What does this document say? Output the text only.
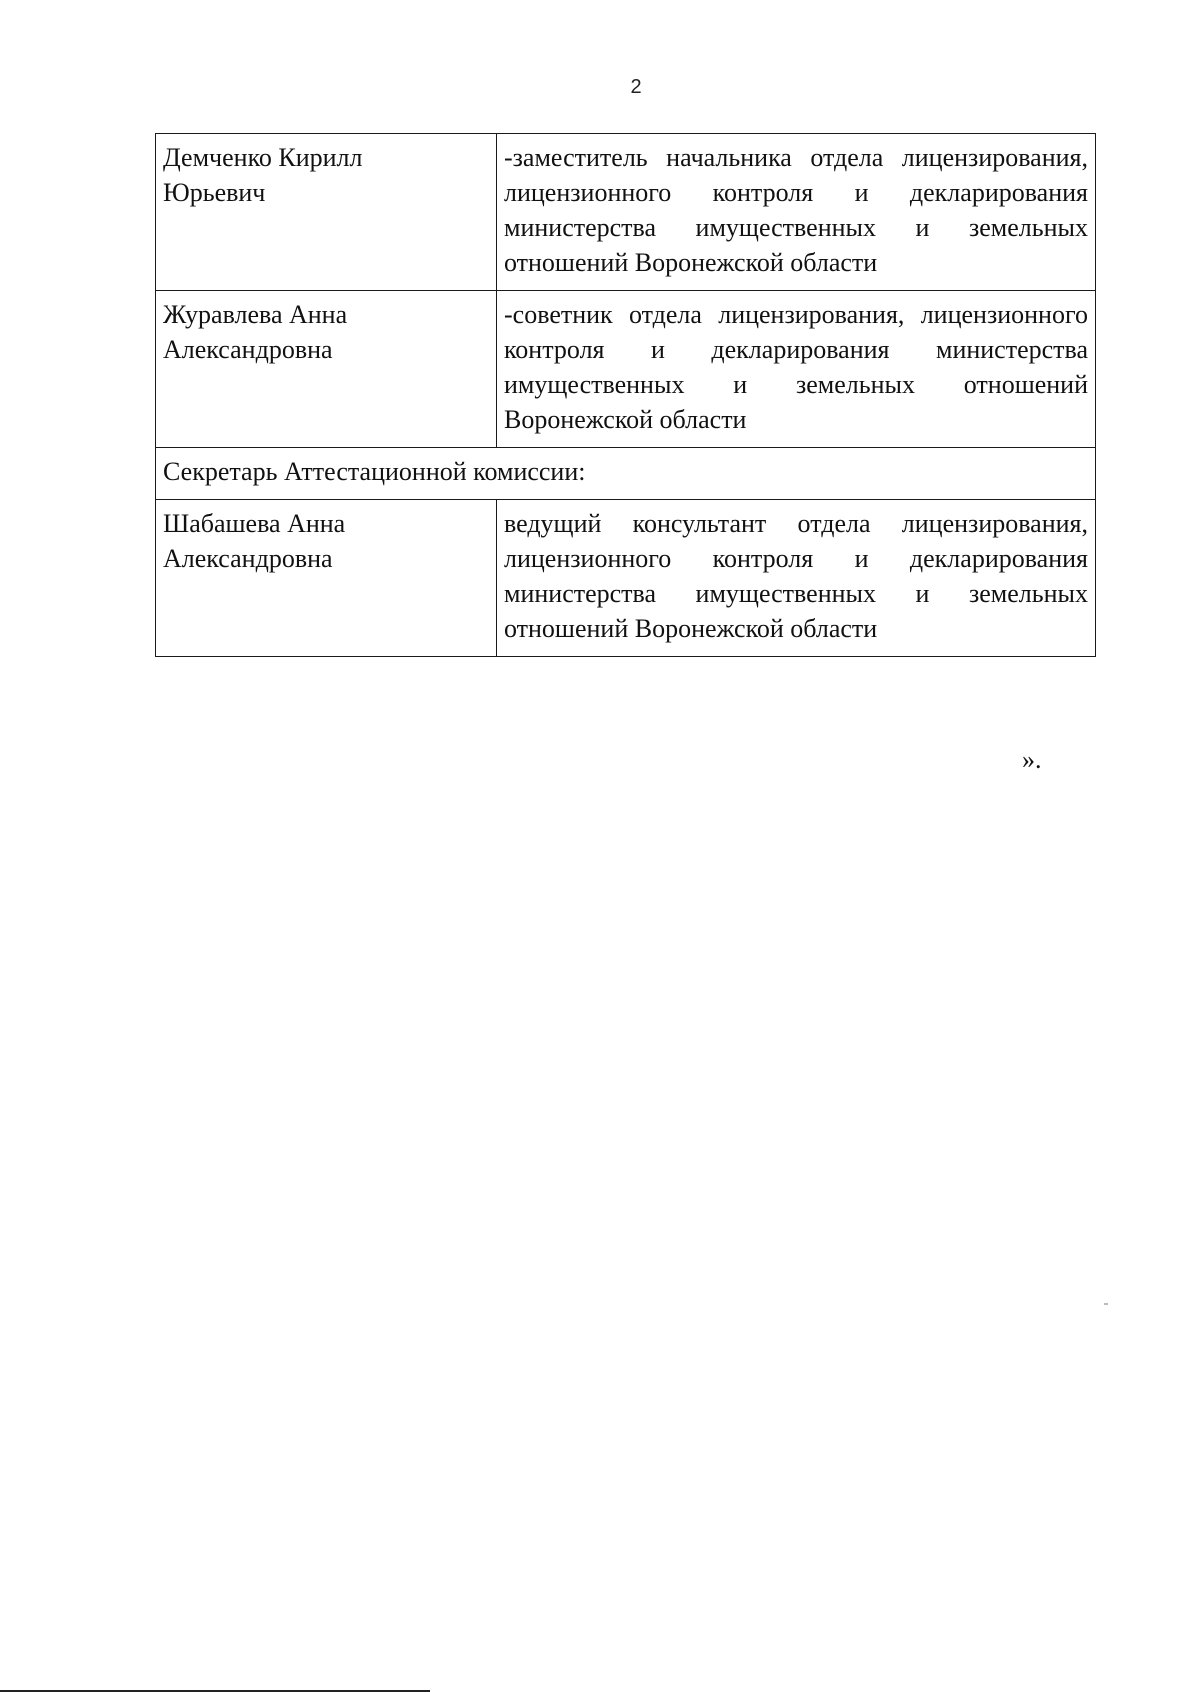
2
Демченко Кирилл
Юрьевич	-заместитель начальника отдела лицензирования, лицензионного контроля и декларирования министерства имущественных и земельных отношений Воронежской области

Журавлева Анна
Александровна	-советник отдела лицензирования, лицензионного контроля и декларирования министерства имущественных и земельных отношений Воронежской области
Секретарь Аттестационной комиссии:	

Шабашева Анна
Александровна	ведущий консультант отдела лицензирования, лицензионного контроля и декларирования министерства имущественных и земельных отношений Воронежской области
».
